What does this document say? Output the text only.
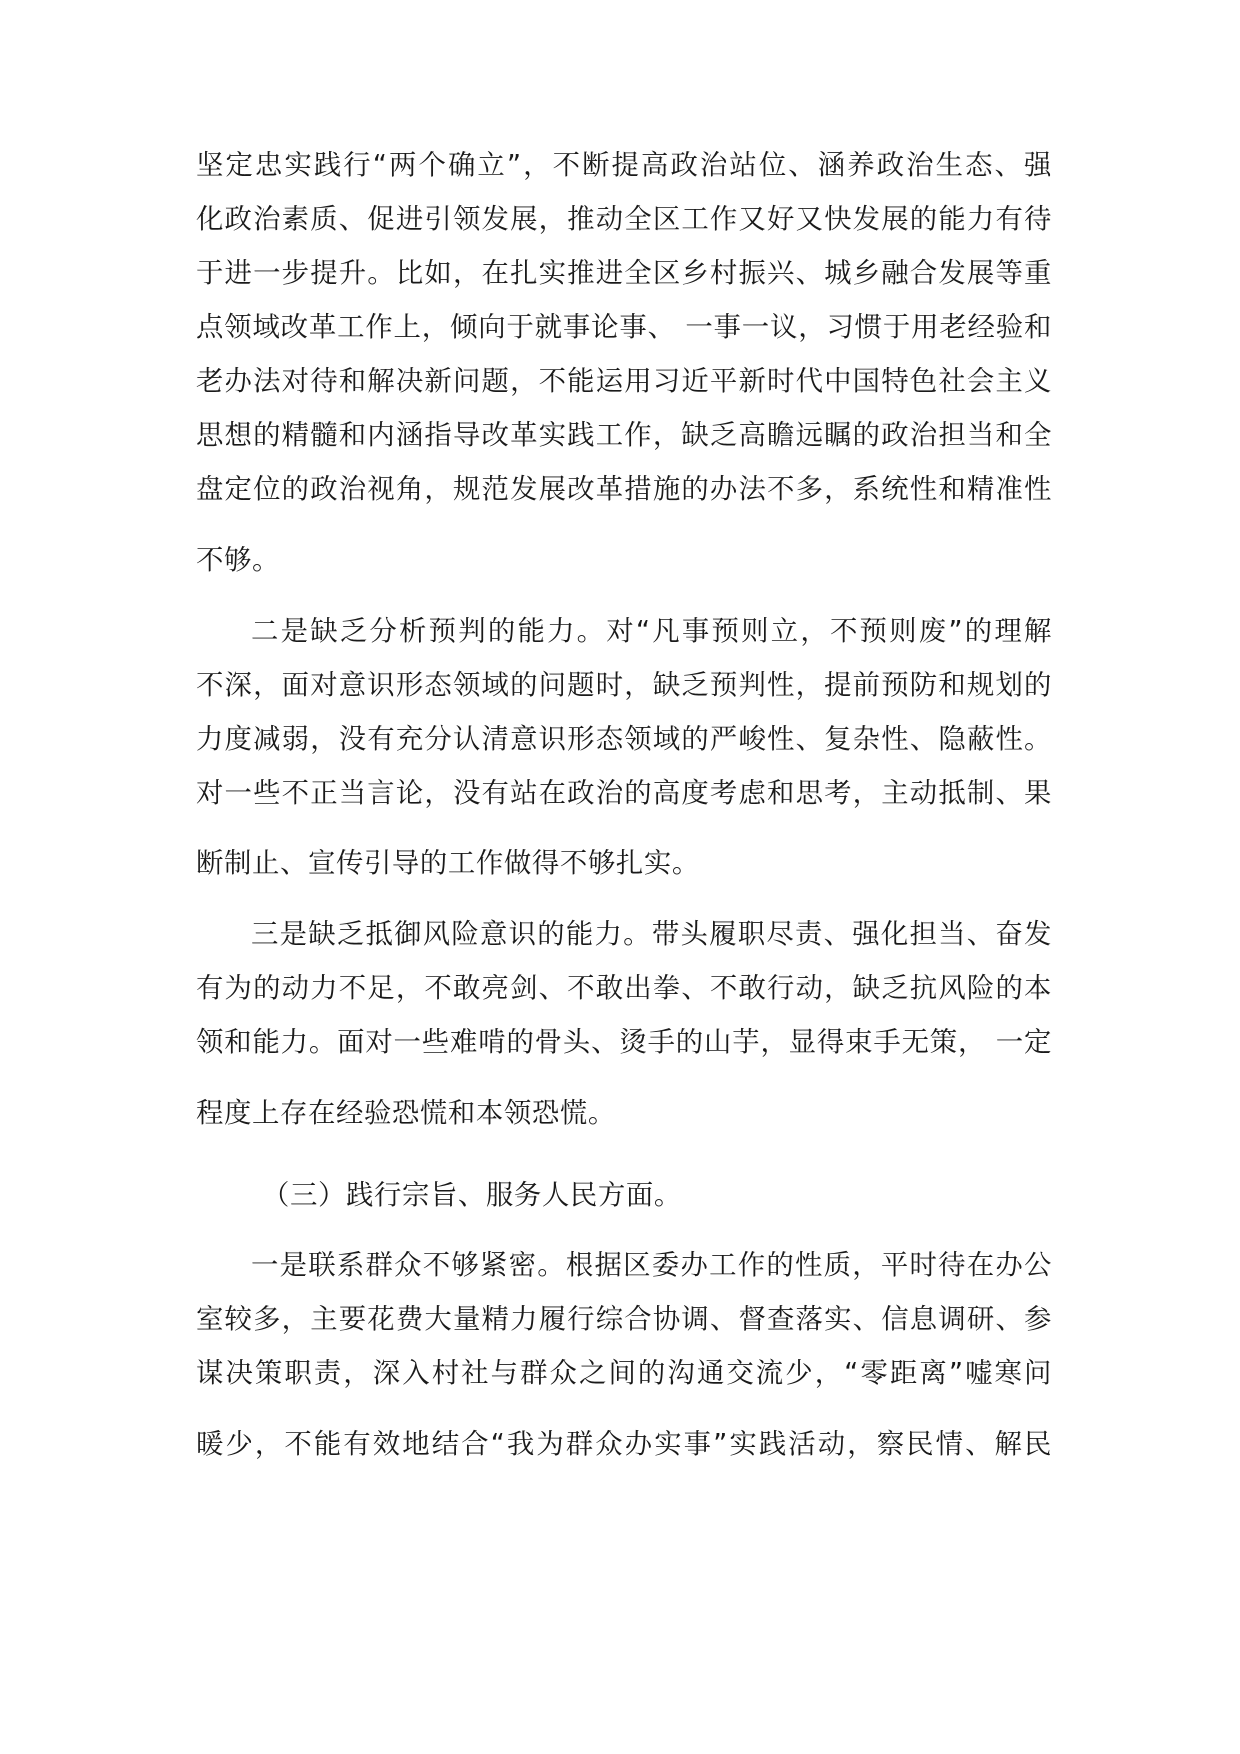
坚定忠实践行“两个确立”，不断提高政治站位、涵养政治生态、强
化政治素质、促进引领发展，推动全区工作又好又快发展的能力有待
于进一步提升。比如，在扎实推进全区乡村振兴、城乡融合发展等重
点领域改革工作上，倾向于就事论事、 一事一议，习惯于用老经验和
老办法对待和解决新问题，不能运用习近平新时代中国特色社会主义
思想的精髓和内涵指导改革实践工作，缺乏高瞻远瞩的政治担当和全
盘定位的政治视角，规范发展改革措施的办法不多，系统性和精准性
不够。
二是缺乏分析预判的能力。对“凡事预则立，不预则废”的理解
不深，面对意识形态领域的问题时，缺乏预判性，提前预防和规划的
力度减弱，没有充分认清意识形态领域的严峻性、复杂性、隐蔽性。
对一些不正当言论，没有站在政治的高度考虑和思考，主动抵制、果
断制止、宣传引导的工作做得不够扎实。
三是缺乏抵御风险意识的能力。带头履职尽责、强化担当、奋发
有为的动力不足，不敢亮剑、不敢出拳、不敢行动，缺乏抗风险的本
领和能力。面对一些难啃的骨头、烫手的山芋，显得束手无策， 一定
程度上存在经验恐慌和本领恐慌。
（三）践行宗旨、服务人民方面。
一是联系群众不够紧密。根据区委办工作的性质，平时待在办公
室较多，主要花费大量精力履行综合协调、督查落实、信息调研、参
谋决策职责，深入村社与群众之间的沟通交流少，“零距离”嘘寒问
暖少，不能有效地结合“我为群众办实事”实践活动，察民情、解民
